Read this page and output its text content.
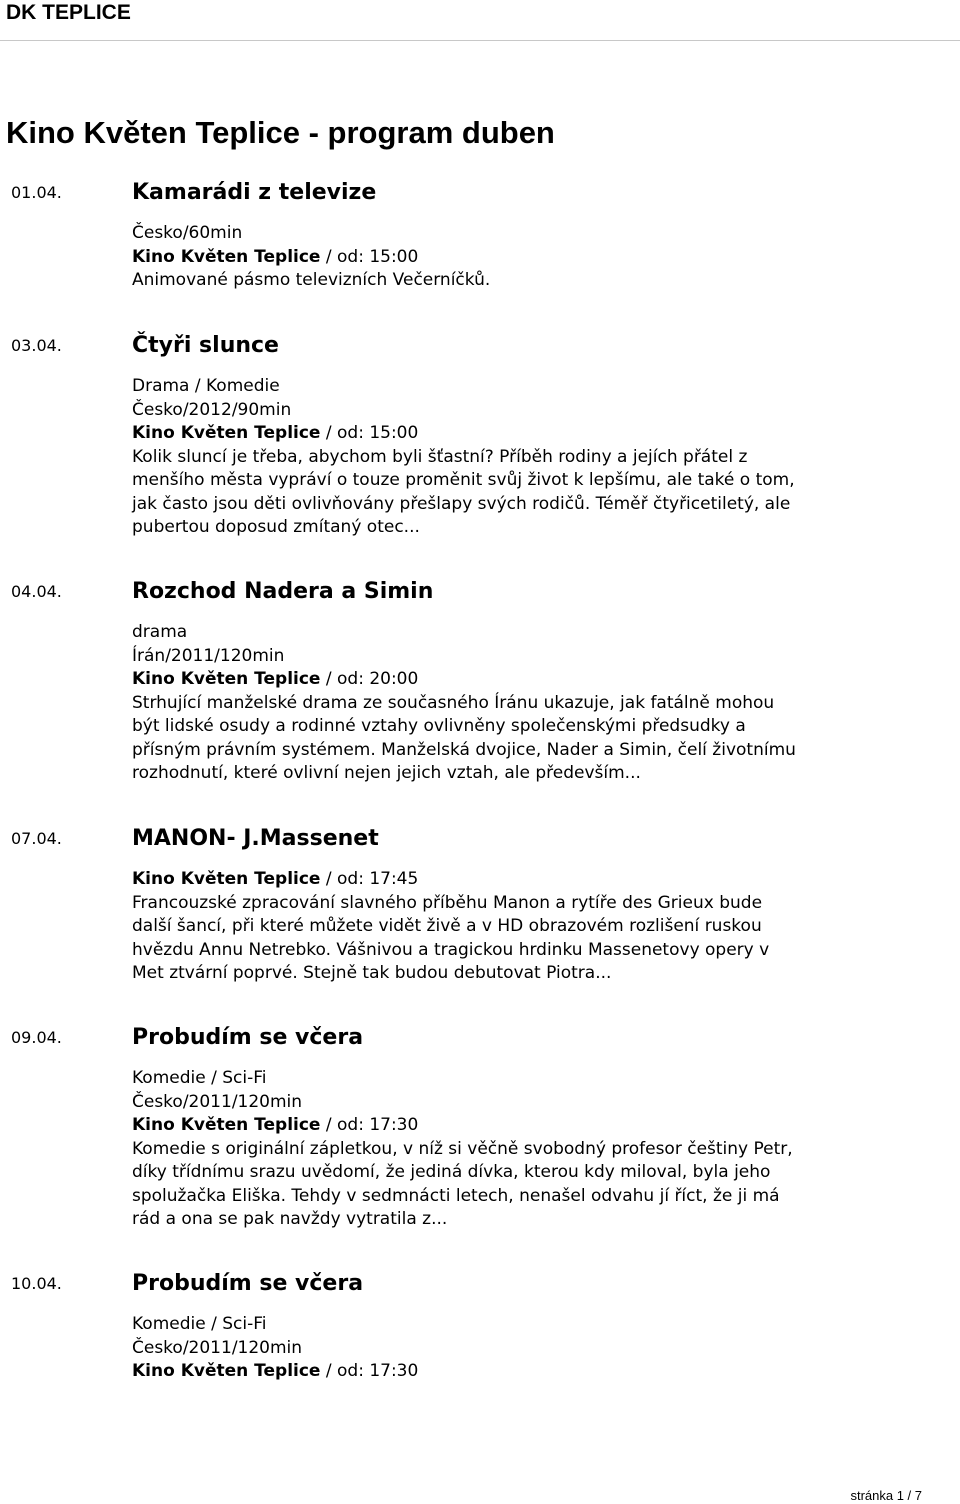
DK TEPLICE
Kino Květen Teplice - program duben
01.04.	Kamarádi z televize
Česko/60min
Kino Květen Teplice / od: 15:00
Animované pásmo televizních Večerníčků.
03.04.	Čtyři slunce
Drama / Komedie
Česko/2012/90min
Kino Květen Teplice / od: 15:00
Kolik sluncí je třeba, abychom byli šťastní? Příběh rodiny a jejích přátel z
menšího města vypráví o touze proměnit svůj život k lepšímu, ale také o tom,
jak často jsou děti ovlivňovány přešlapy svých rodičů. Téměř čtyřicetiletý, ale
pubertou doposud zmítaný otec...
04.04.	Rozchod Nadera a Simin
drama
Írán/2011/120min
Kino Květen Teplice / od: 20:00
Strhující manželské drama ze současného Íránu ukazuje, jak fatálně mohou
být lidské osudy a rodinné vztahy ovlivněny společenskými předsudky a
přísným právním systémem. Manželská dvojice, Nader a Simin, čelí životnímu
rozhodnutí, které ovlivní nejen jejich vztah, ale především...
07.04.	MANON- J.Massenet
Kino Květen Teplice / od: 17:45
Francouzské zpracování slavného příběhu Manon a rytíře des Grieux bude
další šancí, při které můžete vidět živě a v HD obrazovém rozlišení ruskou
hvězdu Annu Netrebko. Vášnivou a tragickou hrdinku Massenetovy opery v
Met ztvární poprvé. Stejně tak budou debutovat Piotra...
09.04.	Probudím se včera
Komedie / Sci-Fi
Česko/2011/120min
Kino Květen Teplice / od: 17:30
Komedie s originální zápletkou, v níž si věčně svobodný profesor češtiny Petr,
díky třídnímu srazu uvědomí, že jediná dívka, kterou kdy miloval, byla jeho
spolužačka Eliška. Tehdy v sedmnácti letech, nenašel odvahu jí říct, že ji má
rád a ona se pak navždy vytratila z...
10.04.	Probudím se včera
Komedie / Sci-Fi
Česko/2011/120min
Kino Květen Teplice / od: 17:30
stránka 1 / 7
